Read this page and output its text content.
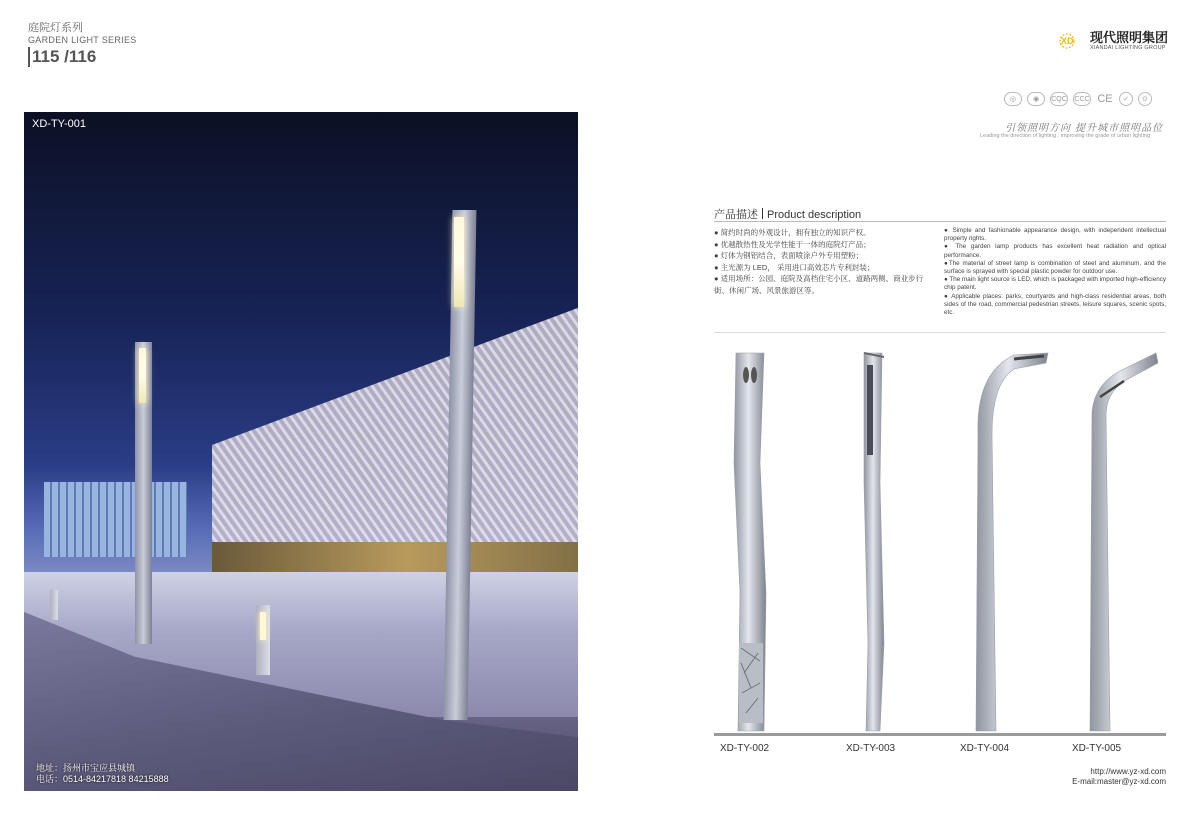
庭院灯系列
GARDEN LIGHT SERIES
115 /116
XD 现代照明集团
XIANDAI LIGHTING GROUP
◎	◉	CQC CCC CE	✓	⊙
引领照明方向 提升城市照明品位
Leading the direction of lighting , improving the grade of urban lighting
XD-TY-001
地址：扬州市宝应县城镇
电话：0514-84217818 84215888
产品描述 Product description
● 简约时尚的外观设计，拥有独立的知识产权。
● 优越散热性及光学性能于一体的庭院灯产品；
● 灯体为钢铝结合，表面喷涂户外专用塑粉；
● 主光源为 LED， 采用进口高效芯片专利封装；
● 适用场所：公园、庭院及高档住宅小区、道路两侧、商业步行街、休闲广场、风景旅游区等。
● Simple and fashionable appearance design, with independent intellectual property rights.
● The garden lamp products has excellent heat radiation and optical performance.
●The material of street lamp is combination of steel and aluminum, and the surface is sprayed with special plastic powder for outdoor use.
● The main light source is LED, which is packaged with imported high-efficiency chip patent.
● Applicable places: parks, courtyards and high-class residential areas, both sides of the road, commercial pedestrian streets, leisure squares, scenic spots, etc.
XD-TY-002	XD-TY-003	XD-TY-004	XD-TY-005
http://www.yz-xd.com
E-mail:master@yz-xd.com
